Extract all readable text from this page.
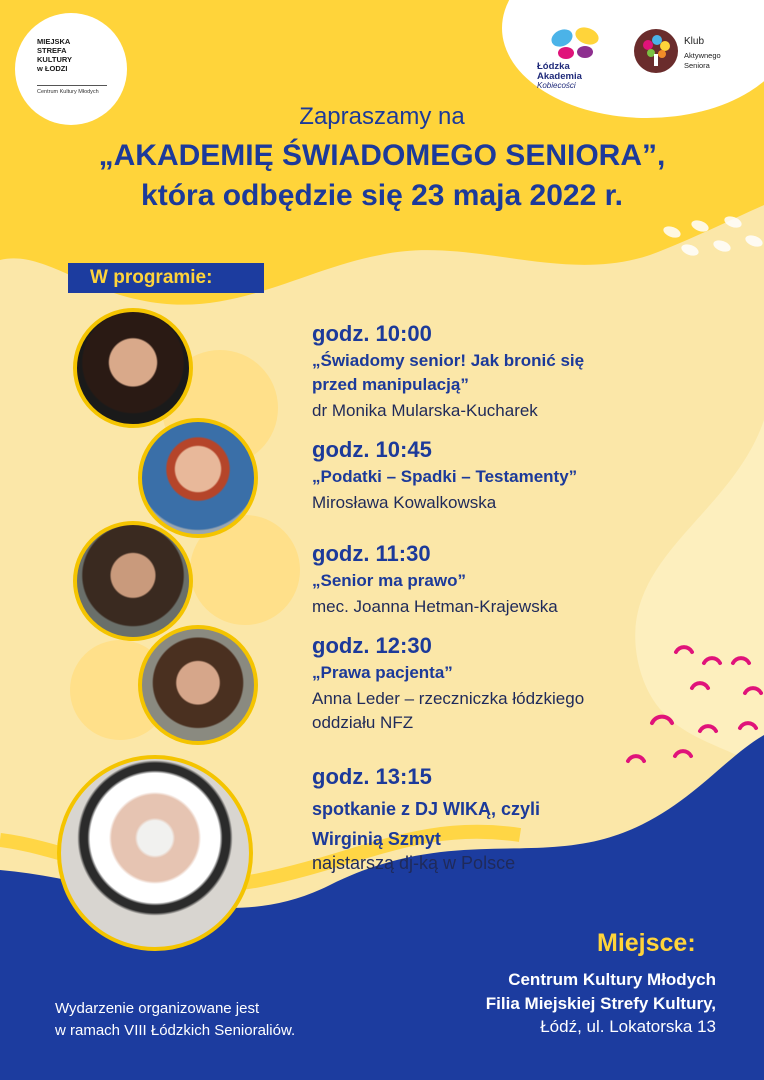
MIEJSKA
STREFA
KULTURY
w ŁODZI
Centrum Kultury Młodych
Łódzka
Akademia
Kobiecości
Klub
Aktywnego
Seniora
Zapraszamy na
„AKADEMIĘ ŚWIADOMEGO SENIORA”,
która odbędzie się 23 maja 2022 r.
W programie:
godz. 10:00
„Świadomy senior! Jak bronić się
przed manipulacją”
dr Monika Mularska-Kucharek
godz. 10:45
„Podatki – Spadki – Testamenty”
Mirosława Kowalkowska
godz. 11:30
„Senior ma prawo”
mec. Joanna Hetman-Krajewska
godz. 12:30
„Prawa pacjenta”
Anna Leder – rzeczniczka łódzkiego
oddziału NFZ
godz. 13:15
spotkanie z DJ WIKĄ, czyli
Wirginią Szmyt
najstarszą dj-ką w Polsce
Miejsce:
Centrum Kultury Młodych
Filia Miejskiej Strefy Kultury,
Łódź, ul. Lokatorska 13
Wydarzenie organizowane jest
w ramach VIII Łódzkich Senioraliów.
